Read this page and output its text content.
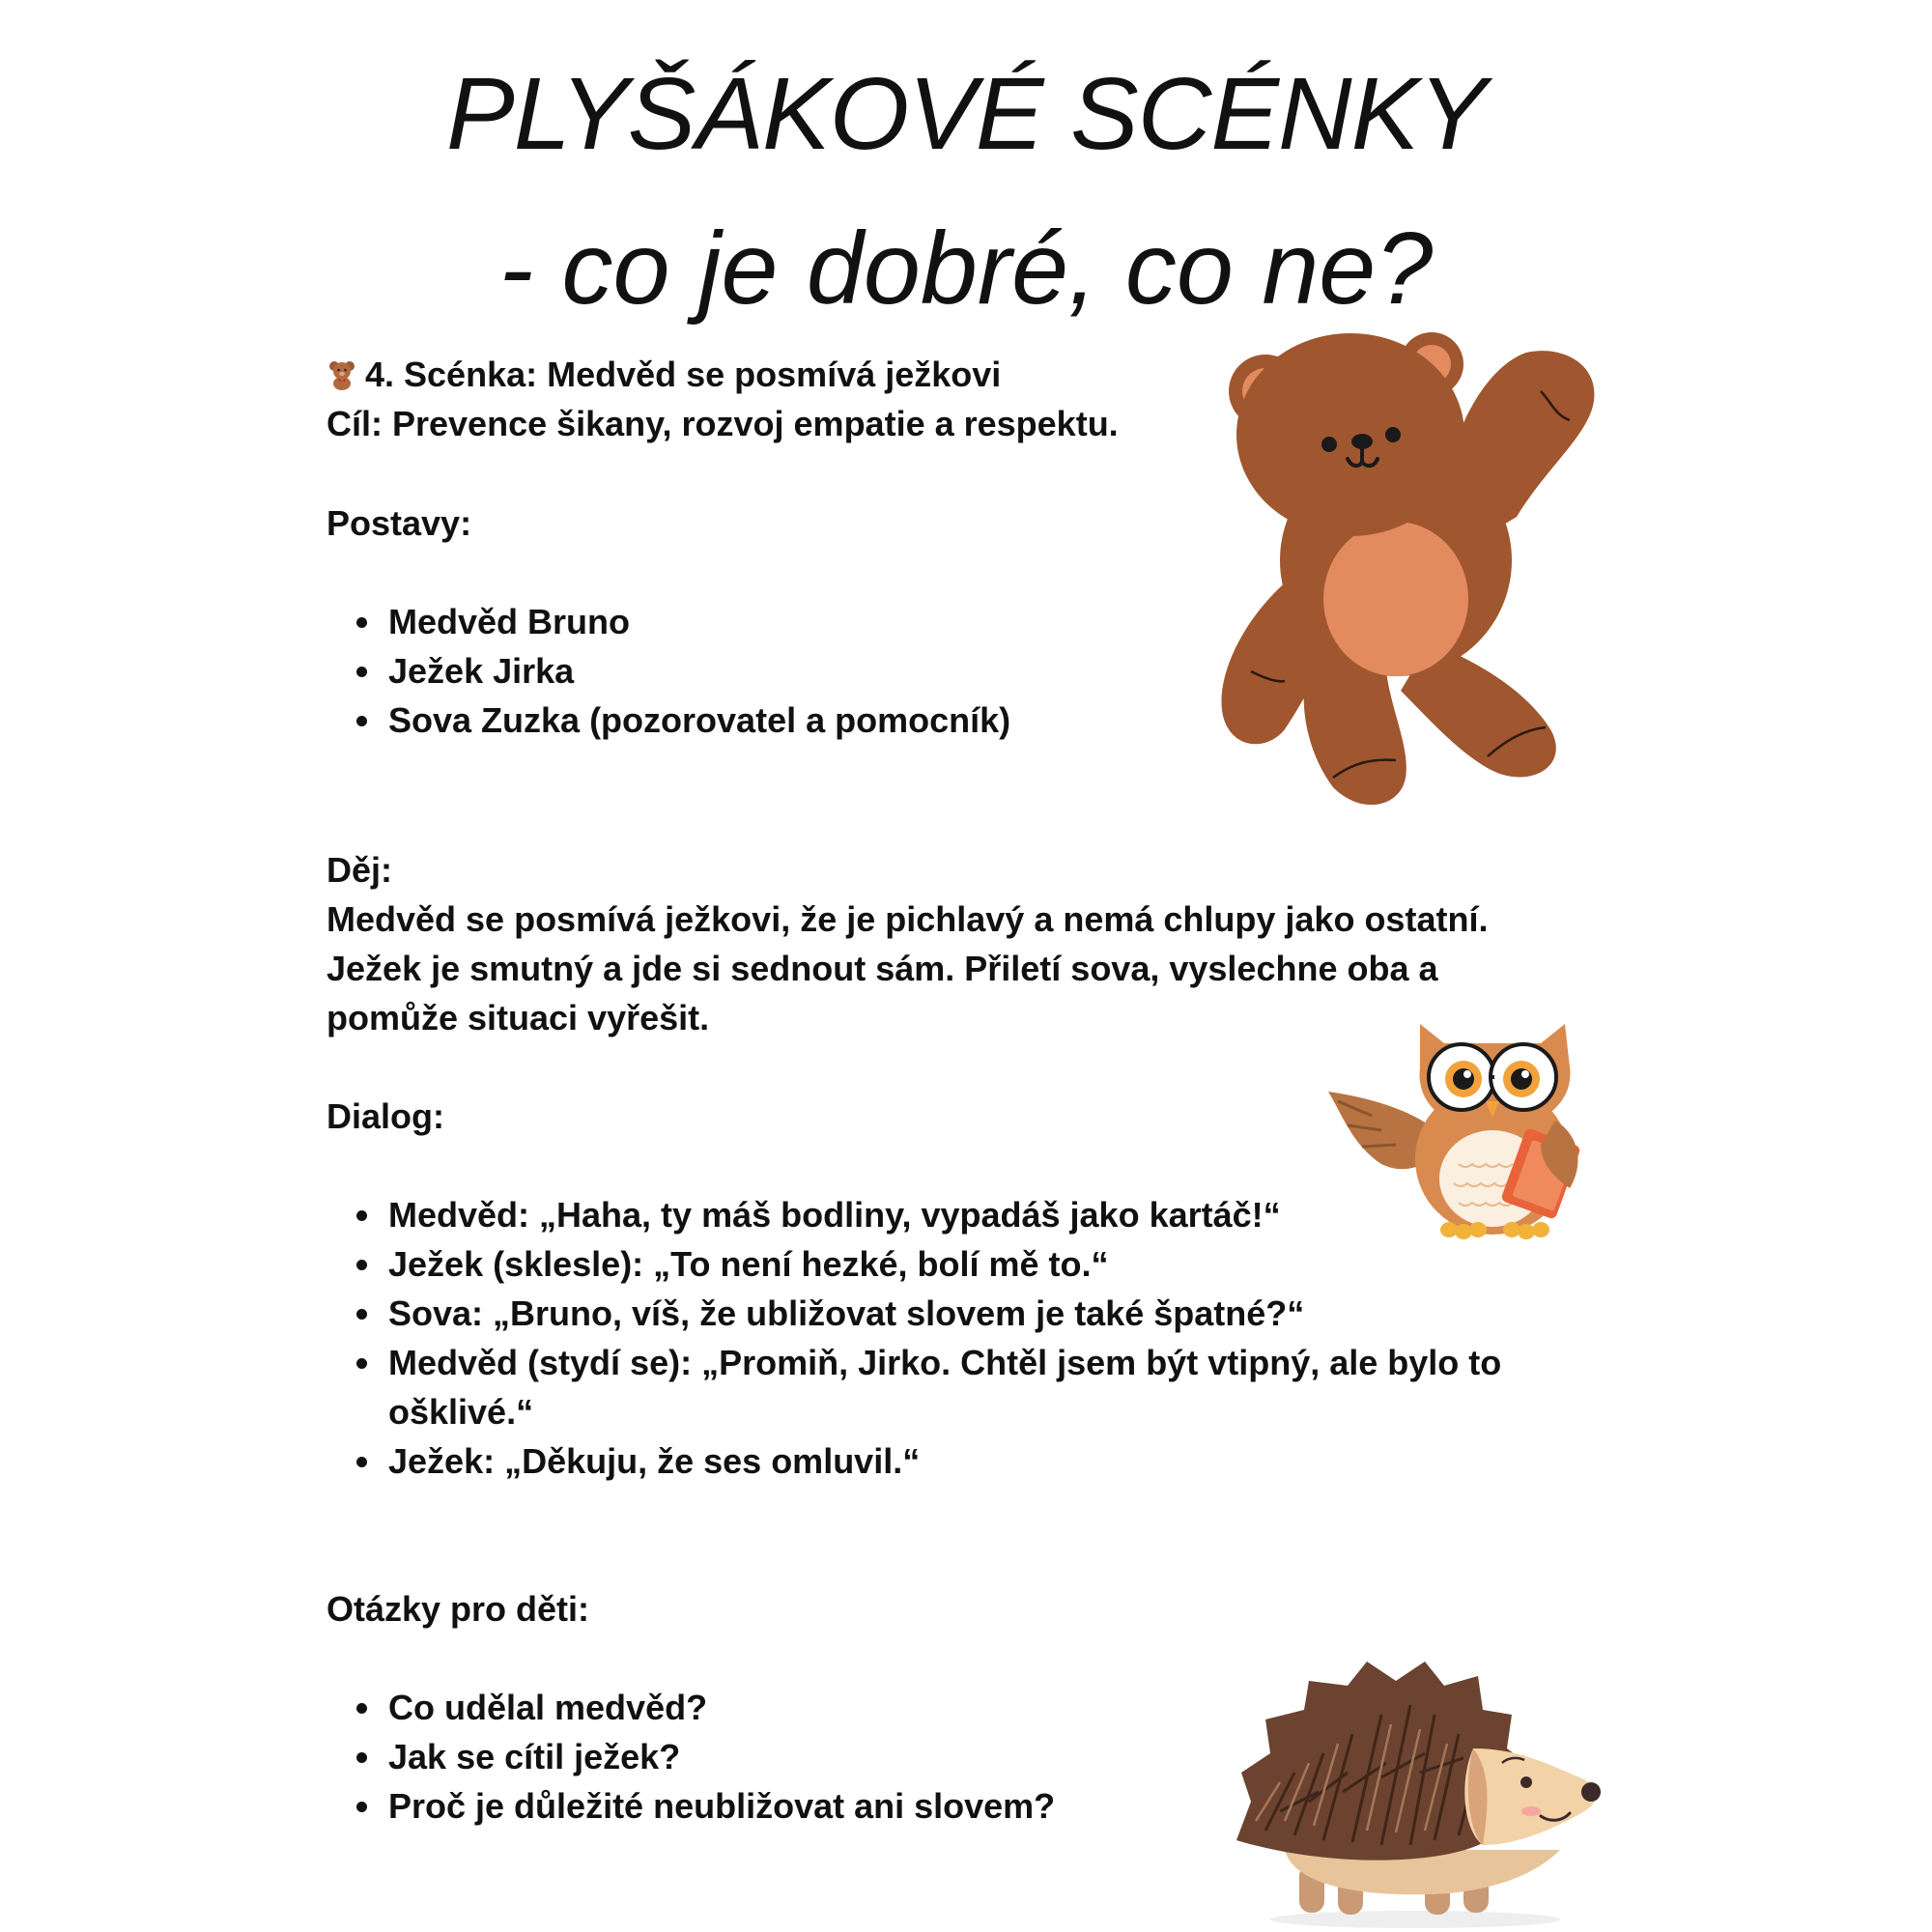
PLYŠÁKOVÉ SCÉNKY
- co je dobré, co ne?

4. Scénka: Medvěd se posmívá ježkovi

Cíl: Prevence šikany, rozvoj empatie a respektu.

Postavy:

Medvěd Bruno
Ježek Jirka
Sova Zuzka (pozorovatel a pomocník)

Děj:

Medvěd se posmívá ježkovi, že je pichlavý a nemá chlupy jako ostatní.

Ježek je smutný a jde si sednout sám. Přiletí sova, vyslechne oba a

pomůže situaci vyřešit.

Dialog:

Medvěd: „Haha, ty máš bodliny, vypadáš jako kartáč!“
Ježek (sklesle): „To není hezké, bolí mě to.“
Sova: „Bruno, víš, že ubližovat slovem je také špatné?“
Medvěd (stydí se): „Promiň, Jirko. Chtěl jsem být vtipný, ale bylo to ošklivé.“
Ježek: „Děkuju, že ses omluvil.“

Otázky pro děti:

Co udělal medvěd?
Jak se cítil ježek?
Proč je důležité neubližovat ani slovem?
